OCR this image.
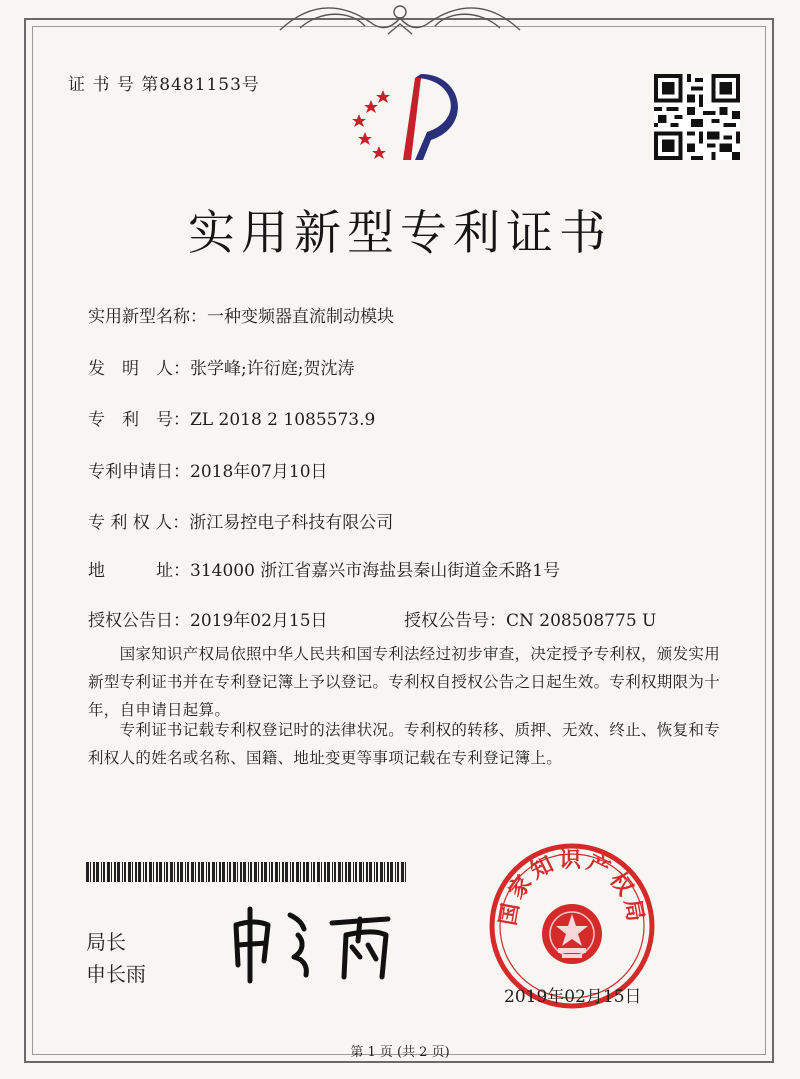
证 书 号 第8481153号
实用新型专利证书
实用新型名称：一种变频器直流制动模块
发　明　人：张学峰;许衍庭;贺沈涛
专　利　号：ZL 2018 2 1085573.9
专利申请日：2018年07月10日
专 利 权 人：浙江易控电子科技有限公司
地　　　址：314000 浙江省嘉兴市海盐县秦山街道金禾路1号
授权公告日：2019年02月15日	授权公告号：CN 208508775 U
　　国家知识产权局依照中华人民共和国专利法经过初步审查，决定授予专利权，颁发实用
新型专利证书并在专利登记簿上予以登记。专利权自授权公告之日起生效。专利权期限为十
年，自申请日起算。
　　专利证书记载专利权登记时的法律状况。专利权的转移、质押、无效、终止、恢复和专
利权人的姓名或名称、国籍、地址变更等事项记载在专利登记簿上。
局长
申长雨
国家知识产权局
2019年02月15日
第 1 页 (共 2 页)
